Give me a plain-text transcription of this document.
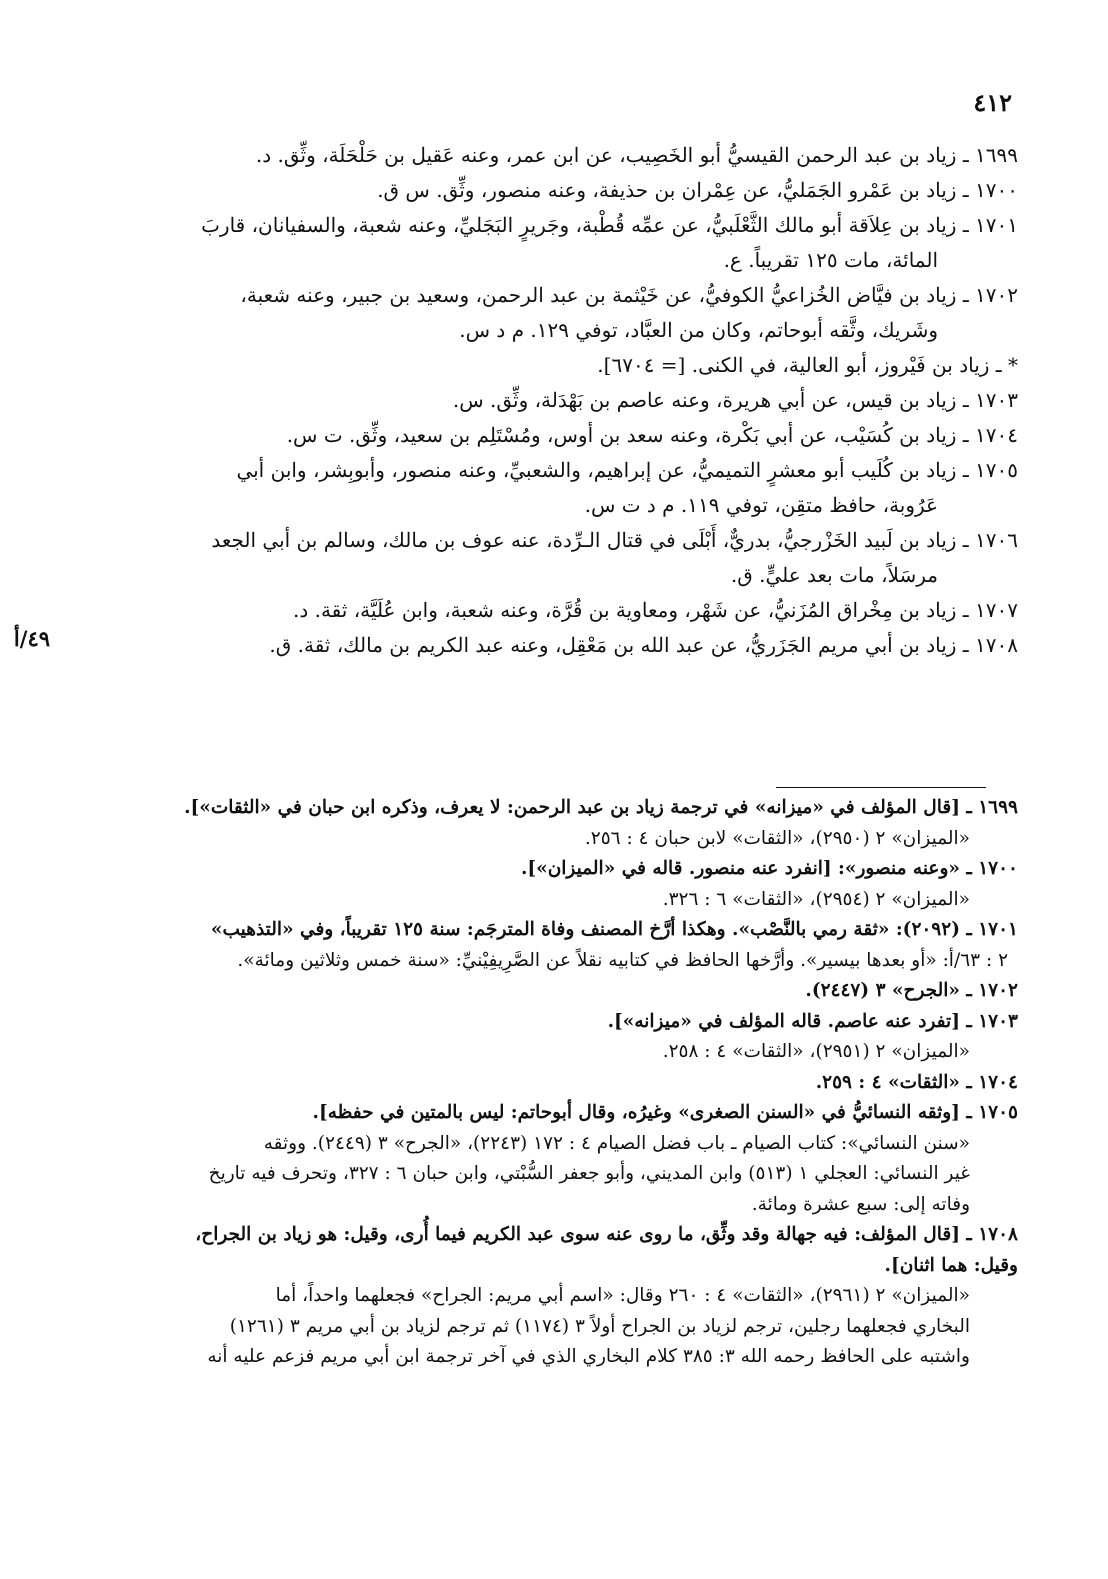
٤١٢
٤٩/أ

١٦٩٩ ـ زياد بن عبد الرحمن القيسيُّ أبو الخَصِيب، عن ابن عمر، وعنه عَقيل بن حَلْحَلَة، وثِّق. د.

١٧٠٠ ـ زياد بن عَمْرو الجَمَليُّ، عن عِمْران بن حذيفة، وعنه منصور، وثِّق. س ق.

١٧٠١ ـ زياد بن عِلاَقة أبو مالك الثَّعْلَبيُّ، عن عمِّه قُطْبة، وجَريرٍ البَجَليِّ، وعنه شعبة، والسفيانان، قاربَ
المائة، مات ١٢٥ تقريباً. ع.

١٧٠٢ ـ زياد بن فيَّاض الخُزاعيُّ الكوفيُّ، عن خَيْثمة بن عبد الرحمن، وسعيد بن جبير، وعنه شعبة،
وشَريك، وثَّقه أبوحاتم، وكان من العبَّاد، توفي ١٢٩. م د س.

* ـ زياد بن فَيْروز، أبو العالية، في الكنى. [= ٦٧٠٤].

١٧٠٣ ـ زياد بن قيس، عن أبي هريرة، وعنه عاصم بن بَهْدَلة، وثِّق. س.

١٧٠٤ ـ زياد بن كُسَيْب، عن أبي بَكْرة، وعنه سعد بن أوس، ومُسْتَلِم بن سعيد، وثِّق. ت س.

١٧٠٥ ـ زياد بن كُلَيب أبو معشرٍ التميميُّ، عن إبراهيم، والشعبيِّ، وعنه منصور، وأبوبِشر، وابن أبي
عَرُوبة، حافظ متقِن، توفي ١١٩. م د ت س.

١٧٠٦ ـ زياد بن لَبيد الخَزْرجيُّ، بدريٌّ، أَبْلَى في قتال الـرِّدة، عنه عوف بن مالك، وسالم بن أبي الجعد
مرسَلاً، مات بعد عليٍّ. ق.

١٧٠٧ ـ زياد بن مِخْراق المُزَنيُّ، عن شَهْر، ومعاوية بن قُرَّة، وعنه شعبة، وابن عُلَيَّة، ثقة. د.

١٧٠٨ ـ زياد بن أبي مريم الجَزَريُّ، عن عبد الله بن مَعْقِل، وعنه عبد الكريم بن مالك، ثقة. ق.

١٦٩٩ ـ [قال المؤلف في «ميزانه» في ترجمة زياد بن عبد الرحمن: لا يعرف، وذكره ابن حبان في «الثقات»].
«الميزان» ٢ (٢٩٥٠)، «الثقات» لابن حبان ٤ : ٢٥٦.

١٧٠٠ ـ «وعنه منصور»: [انفرد عنه منصور. قاله في «الميزان»].
«الميزان» ٢ (٢٩٥٤)، «الثقات» ٦ : ٣٢٦.

١٧٠١ ـ (٢٠٩٢): «ثقة رمي بالنَّصْب». وهكذا أرَّخ المصنف وفاة المترجَم: سنة ١٢٥ تقريباً، وفي «التذهيب»
٢ : ٦٣/أ: «أو بعدها بيسير». وأرَّخها الحافظ في كتابيه نقلاً عن الصَّرِيفِيْنيِّ: «سنة خمس وثلاثين ومائة».

١٧٠٢ ـ «الجرح» ٣ (٢٤٤٧).

١٧٠٣ ـ [تفرد عنه عاصم. قاله المؤلف في «ميزانه»].
«الميزان» ٢ (٢٩٥١)، «الثقات» ٤ : ٢٥٨.

١٧٠٤ ـ «الثقات» ٤ : ٢٥٩.

١٧٠٥ ـ [وثقه النسائيُّ في «السنن الصغرى» وغيرُه، وقال أبوحاتم: ليس بالمتين في حفظه].
«سنن النسائي»: كتاب الصيام ـ باب فضل الصيام ٤ : ١٧٢ (٢٢٤٣)، «الجرح» ٣ (٢٤٤٩). ووثقه
غير النسائي: العجلي ١ (٥١٣) وابن المديني، وأبو جعفر السُّبْتي، وابن حبان ٦ : ٣٢٧، وتحرف فيه تاريخ
وفاته إلى: سبع عشرة ومائة.

١٧٠٨ ـ [قال المؤلف: فيه جهالة وقد وثِّق، ما روى عنه سوى عبد الكريم فيما أُرى، وقيل: هو زياد بن الجراح،
وقيل: هما اثنان].
«الميزان» ٢ (٢٩٦١)، «الثقات» ٤ : ٢٦٠ وقال: «اسم أبي مريم: الجراح» فجعلهما واحداً، أما
البخاري فجعلهما رجلين، ترجم لزياد بن الجراح أولاً ٣ (١١٧٤) ثم ترجم لزياد بن أبي مريم ٣ (١٢٦١)
واشتبه على الحافظ رحمه الله ٣: ٣٨٥ كلام البخاري الذي في آخر ترجمة ابن أبي مريم فزعم عليه أنه
